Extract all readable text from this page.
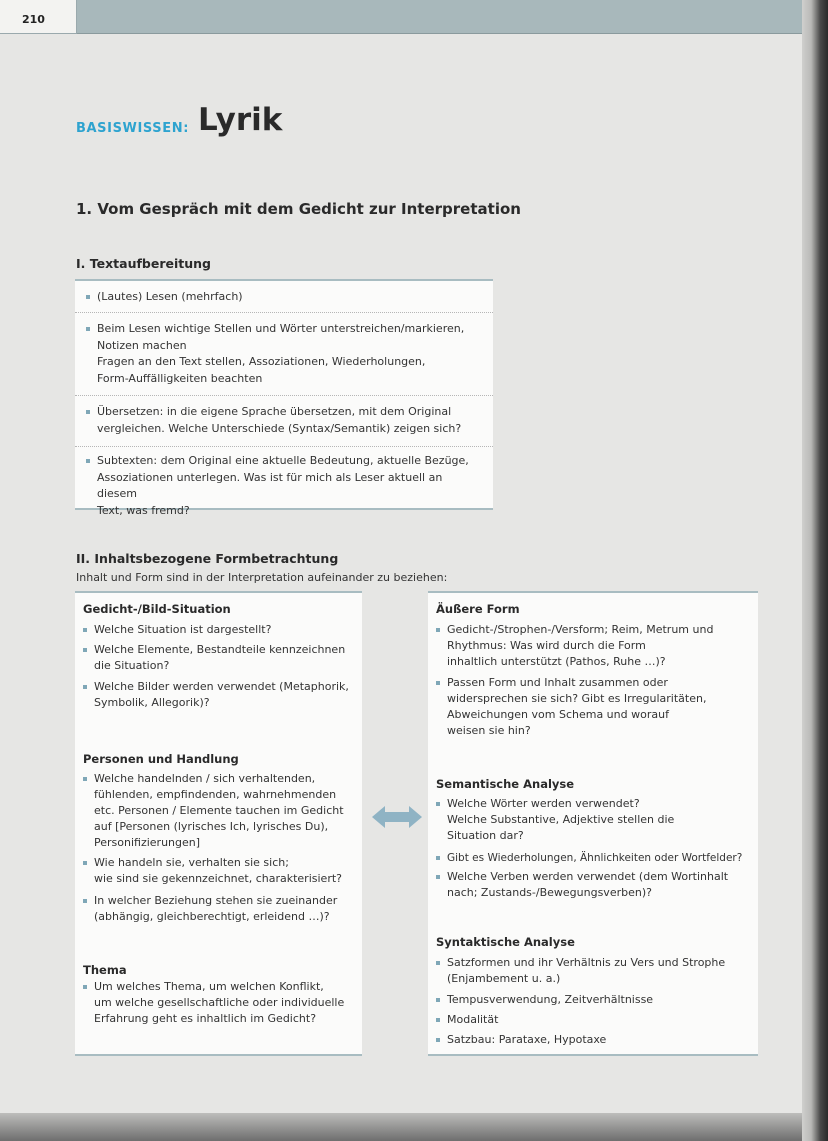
210
BASISWISSEN: Lyrik
1. Vom Gespräch mit dem Gedicht zur Interpretation
I. Textaufbereitung
(Lautes) Lesen (mehrfach)
Beim Lesen wichtige Stellen und Wörter unterstreichen/markieren,
Notizen machen
Fragen an den Text stellen, Assoziationen, Wiederholungen,
Form-Auffälligkeiten beachten
Übersetzen: in die eigene Sprache übersetzen, mit dem Original
vergleichen. Welche Unterschiede (Syntax/Semantik) zeigen sich?
Subtexten: dem Original eine aktuelle Bedeutung, aktuelle Bezüge,
Assoziationen unterlegen. Was ist für mich als Leser aktuell an diesem
Text, was fremd?
II. Inhaltsbezogene Formbetrachtung
Inhalt und Form sind in der Interpretation aufeinander zu beziehen:
Gedicht-/Bild-Situation
Welche Situation ist dargestellt?
Welche Elemente, Bestandteile kennzeichnen
die Situation?
Welche Bilder werden verwendet (Metaphorik,
Symbolik, Allegorik)?
Personen und Handlung
Welche handelnden / sich verhaltenden,
fühlenden, empfindenden, wahrnehmenden
etc. Personen / Elemente tauchen im Gedicht
auf [Personen (lyrisches Ich, lyrisches Du),
Personifizierungen]
Wie handeln sie, verhalten sie sich;
wie sind sie gekennzeichnet, charakterisiert?
In welcher Beziehung stehen sie zueinander
(abhängig, gleichberechtigt, erleidend …)?
Thema
Um welches Thema, um welchen Konflikt,
um welche gesellschaftliche oder individuelle
Erfahrung geht es inhaltlich im Gedicht?
Äußere Form
Gedicht-/Strophen-/Versform; Reim, Metrum und
Rhythmus: Was wird durch die Form
inhaltlich unterstützt (Pathos, Ruhe …)?
Passen Form und Inhalt zusammen oder
widersprechen sie sich? Gibt es Irregularitäten,
Abweichungen vom Schema und worauf
weisen sie hin?
Semantische Analyse
Welche Wörter werden verwendet?
Welche Substantive, Adjektive stellen die
Situation dar?
Gibt es Wiederholungen, Ähnlichkeiten oder Wortfelder?
Welche Verben werden verwendet (dem Wortinhalt
nach; Zustands-/Bewegungsverben)?
Syntaktische Analyse
Satzformen und ihr Verhältnis zu Vers und Strophe
(Enjambement u. a.)
Tempusverwendung, Zeitverhältnisse
Modalität
Satzbau: Parataxe, Hypotaxe
